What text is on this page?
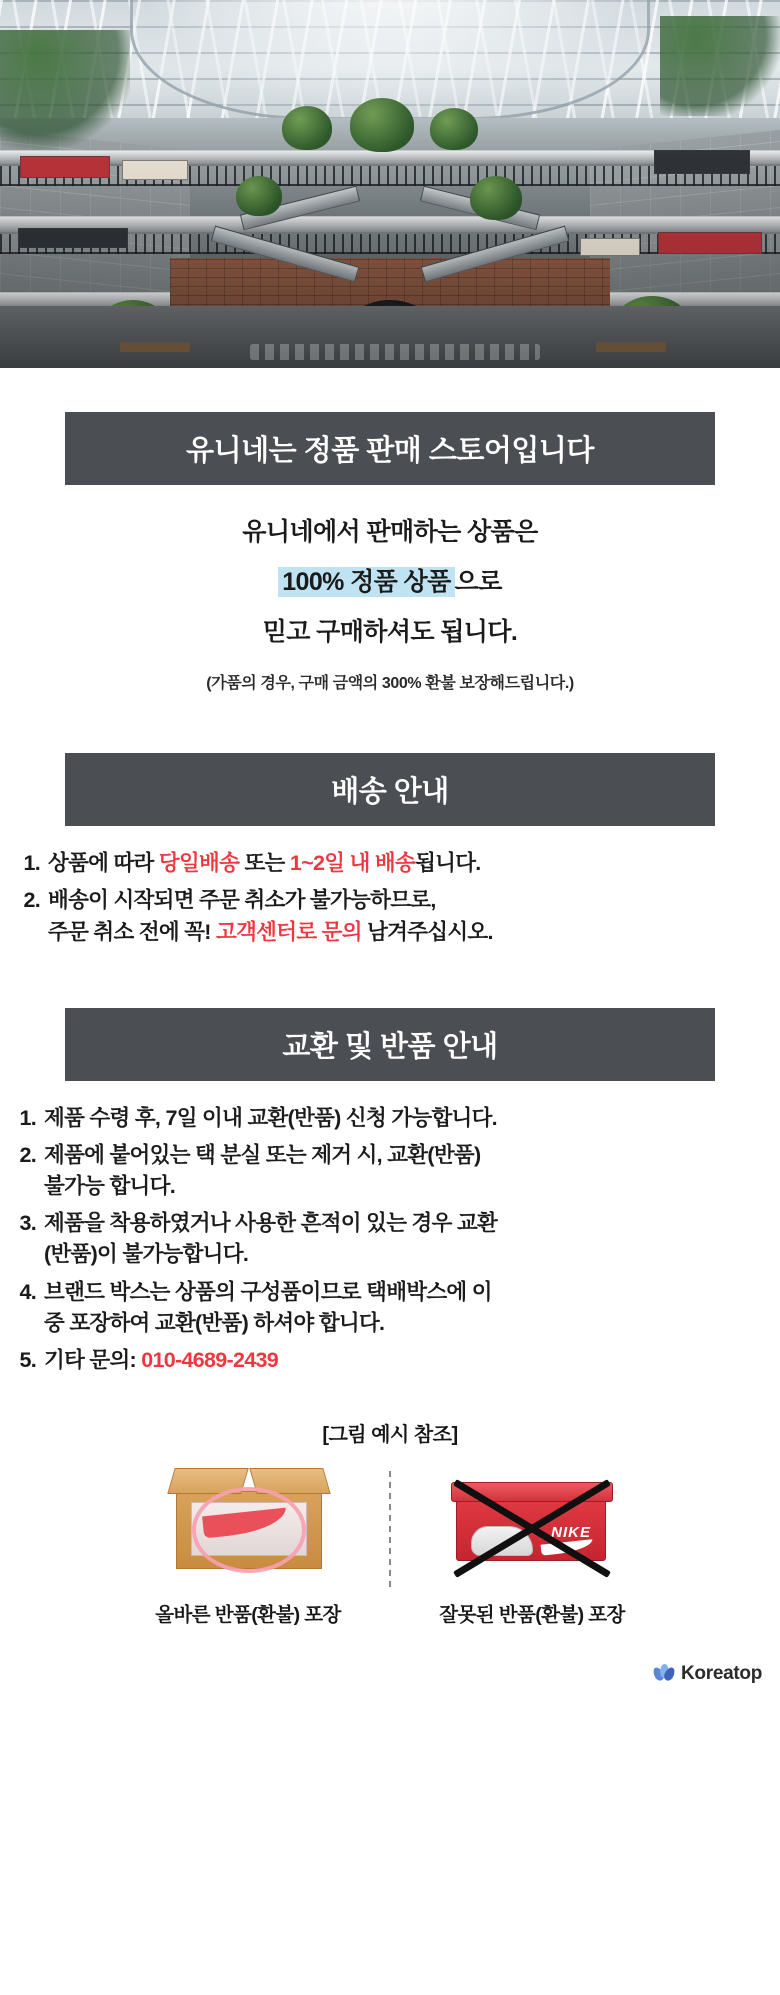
유니네는 정품 판매 스토어입니다
유니네에서 판매하는 상품은
100% 정품 상품 으로
믿고 구매하셔도 됩니다.
(가품의 경우, 구매 금액의 300% 환불 보장해드립니다.)
배송 안내
1. 상품에 따라 당일배송 또는 1~2일 내 배송됩니다.
2. 배송이 시작되면 주문 취소가 불가능하므로,
주문 취소 전에 꼭! 고객센터로 문의 남겨주십시오.
교환 및 반품 안내
1. 제품 수령 후, 7일 이내 교환(반품) 신청 가능합니다.
2. 제품에 붙어있는 택 분실 또는 제거 시, 교환(반품)
불가능 합니다.
3. 제품을 착용하였거나 사용한 흔적이 있는 경우 교환
(반품)이 불가능합니다.
4. 브랜드 박스는 상품의 구성품이므로 택배박스에 이
중 포장하여 교환(반품) 하셔야 합니다.
5. 기타 문의: 010-4689-2439
[그림 예시 참조]
올바른 반품(환불) 포장
NIKE
잘못된 반품(환불) 포장
Koreatop
